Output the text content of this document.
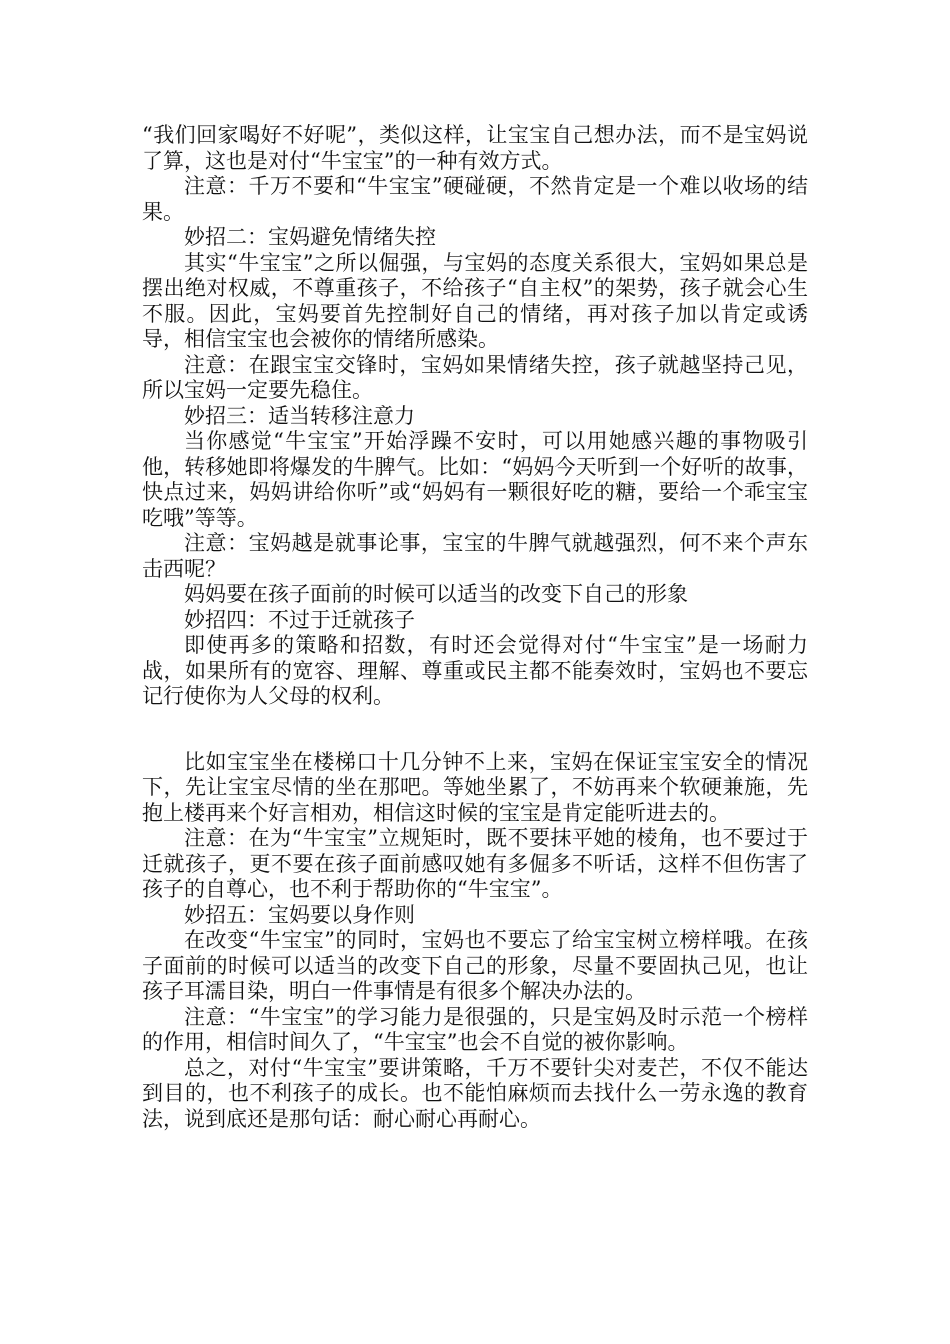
“我们回家喝好不好呢”，类似这样，让宝宝自己想办法，而不是宝妈说了算，这也是对付“牛宝宝”的一种有效方式。

注意：千万不要和“牛宝宝”硬碰硬，不然肯定是一个难以收场的结果。

妙招二：宝妈避免情绪失控

其实“牛宝宝”之所以倔强，与宝妈的态度关系很大，宝妈如果总是摆出绝对权威，不尊重孩子，不给孩子“自主权”的架势，孩子就会心生不服。因此，宝妈要首先控制好自己的情绪，再对孩子加以肯定或诱导，相信宝宝也会被你的情绪所感染。

注意：在跟宝宝交锋时，宝妈如果情绪失控，孩子就越坚持己见，所以宝妈一定要先稳住。

妙招三：适当转移注意力

当你感觉“牛宝宝”开始浮躁不安时，可以用她感兴趣的事物吸引他，转移她即将爆发的牛脾气。比如：“妈妈今天听到一个好听的故事，快点过来，妈妈讲给你听”或“妈妈有一颗很好吃的糖，要给一个乖宝宝吃哦”等等。

注意：宝妈越是就事论事，宝宝的牛脾气就越强烈，何不来个声东击西呢？

妈妈要在孩子面前的时候可以适当的改变下自己的形象

妙招四：不过于迁就孩子

即使再多的策略和招数，有时还会觉得对付“牛宝宝”是一场耐力战，如果所有的宽容、理解、尊重或民主都不能奏效时，宝妈也不要忘记行使你为人父母的权利。

比如宝宝坐在楼梯口十几分钟不上来，宝妈在保证宝宝安全的情况下，先让宝宝尽情的坐在那吧。等她坐累了，不妨再来个软硬兼施，先抱上楼再来个好言相劝，相信这时候的宝宝是肯定能听进去的。

注意：在为“牛宝宝”立规矩时，既不要抹平她的棱角，也不要过于迁就孩子，更不要在孩子面前感叹她有多倔多不听话，这样不但伤害了孩子的自尊心，也不利于帮助你的“牛宝宝”。

妙招五：宝妈要以身作则

在改变“牛宝宝”的同时，宝妈也不要忘了给宝宝树立榜样哦。在孩子面前的时候可以适当的改变下自己的形象，尽量不要固执己见，也让孩子耳濡目染，明白一件事情是有很多个解决办法的。

注意：“牛宝宝”的学习能力是很强的，只是宝妈及时示范一个榜样的作用，相信时间久了，“牛宝宝”也会不自觉的被你影响。

总之，对付“牛宝宝”要讲策略，千万不要针尖对麦芒，不仅不能达到目的，也不利孩子的成长。也不能怕麻烦而去找什么一劳永逸的教育法，说到底还是那句话：耐心耐心再耐心。
